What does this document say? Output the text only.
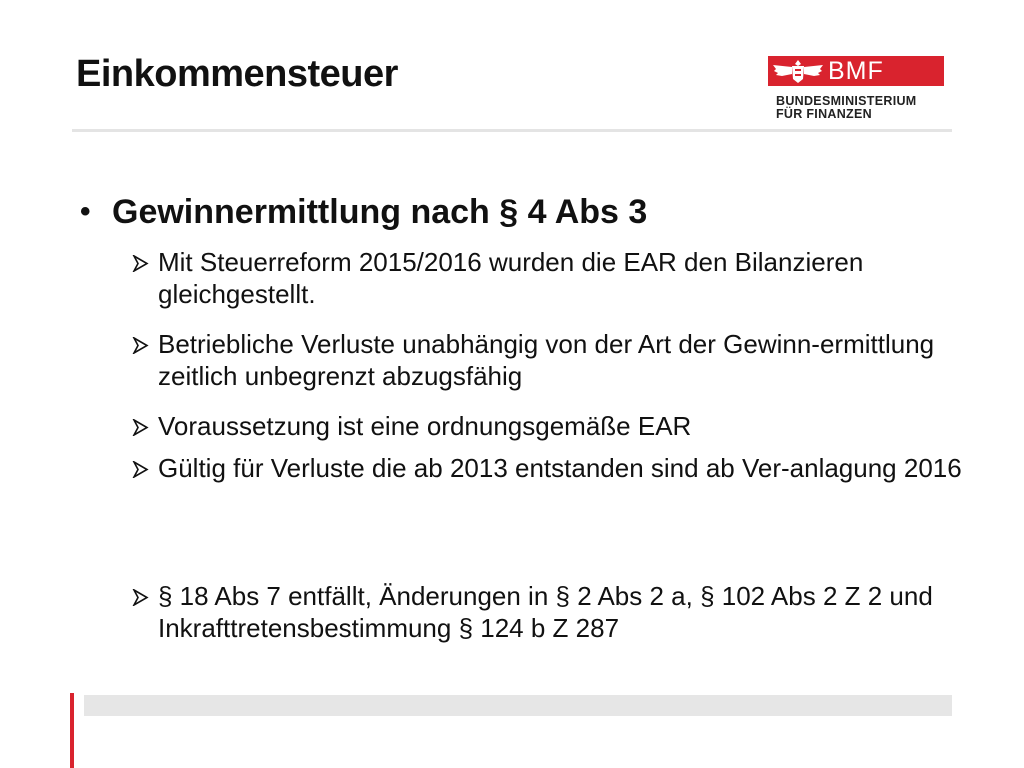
Einkommensteuer	BMF
BUNDESMINISTERIUM
FÜR FINANZEN
• Gewinnermittlung nach § 4 Abs 3
Mit Steuerreform 2015/2016 wurden die EAR den Bilanzieren gleichgestellt.
Betriebliche Verluste unabhängig von der Art der Gewinn-ermittlung zeitlich unbegrenzt abzugsfähig
Voraussetzung ist eine ordnungsgemäße EAR
Gültig für Verluste die ab 2013 entstanden sind ab Ver-anlagung 2016
§ 18 Abs 7 entfällt, Änderungen in § 2 Abs 2 a, § 102 Abs 2 Z 2 und Inkrafttretensbestimmung § 124 b Z 287
